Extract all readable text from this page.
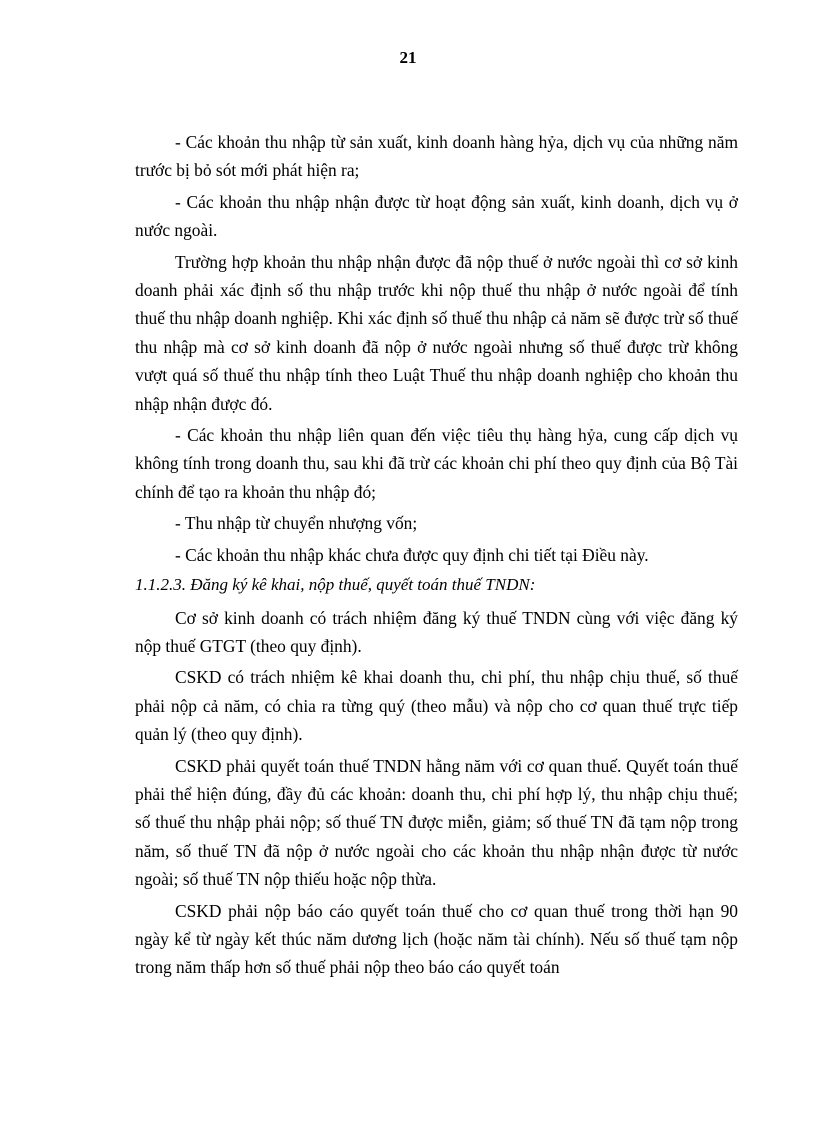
21

- Các khoản thu nhập từ sản xuất, kinh doanh hàng hỷa, dịch vụ của những năm trước bị bỏ sót mới phát hiện ra;

- Các khoản thu nhập nhận được từ hoạt động sản xuất, kinh doanh, dịch vụ ở nước ngoài.

Trường hợp khoản thu nhập nhận được đã nộp thuế ở nước ngoài thì cơ sở kinh doanh phải xác định số thu nhập trước khi nộp thuế thu nhập ở nước ngoài để tính thuế thu nhập doanh nghiệp. Khi xác định số thuế thu nhập cả năm sẽ được trừ số thuế thu nhập mà cơ sở kinh doanh đã nộp ở nước ngoài nhưng số thuế được trừ không vượt quá số thuế thu nhập tính theo Luật Thuế thu nhập doanh nghiệp cho khoản thu nhập nhận được đó.

- Các khoản thu nhập liên quan đến việc tiêu thụ hàng hỷa, cung cấp dịch vụ không tính trong doanh thu, sau khi đã trừ các khoản chi phí theo quy định của Bộ Tài chính để tạo ra khoản thu nhập đó;

- Thu nhập từ chuyển nhượng vốn;

- Các khoản thu nhập khác chưa được quy định chi tiết tại Điều này.

1.1.2.3. Đăng ký kê khai, nộp thuế, quyết toán thuế TNDN:

Cơ sở kinh doanh có trách nhiệm đăng ký thuế TNDN cùng với việc đăng ký nộp thuế GTGT (theo quy định).

CSKD có trách nhiệm kê khai doanh thu, chi phí, thu nhập chịu thuế, số thuế phải nộp cả năm, có chia ra từng quý (theo mẫu) và nộp cho cơ quan thuế trực tiếp quản lý (theo quy định).

CSKD phải quyết toán thuế TNDN hằng năm với cơ quan thuế. Quyết toán thuế phải thể hiện đúng, đầy đủ các khoản: doanh thu, chi phí hợp lý, thu nhập chịu thuế; số thuế thu nhập phải nộp; số thuế TN được miễn, giảm; số thuế TN đã tạm nộp trong năm, số thuế TN đã nộp ở nước ngoài cho các khoản thu nhập nhận được từ nước ngoài; số thuế TN nộp thiếu hoặc nộp thừa.

CSKD phải nộp báo cáo quyết toán thuế cho cơ quan thuế trong thời hạn 90 ngày kể từ ngày kết thúc năm dương lịch (hoặc năm tài chính). Nếu số thuế tạm nộp trong năm thấp hơn số thuế phải nộp theo báo cáo quyết toán
